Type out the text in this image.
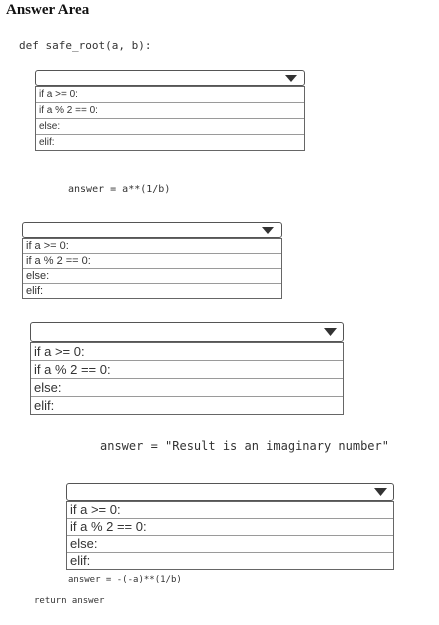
Answer Area
def safe_root(a, b):
if a >= 0:
if a % 2 == 0:
else:
elif:
answer = a**(1/b)
if a >= 0:
if a % 2 == 0:
else:
elif:
if a >= 0:
if a % 2 == 0:
else:
elif:
answer = "Result is an imaginary number"
if a >= 0:
if a % 2 == 0:
else:
elif:
answer = -(-a)**(1/b)
return answer
